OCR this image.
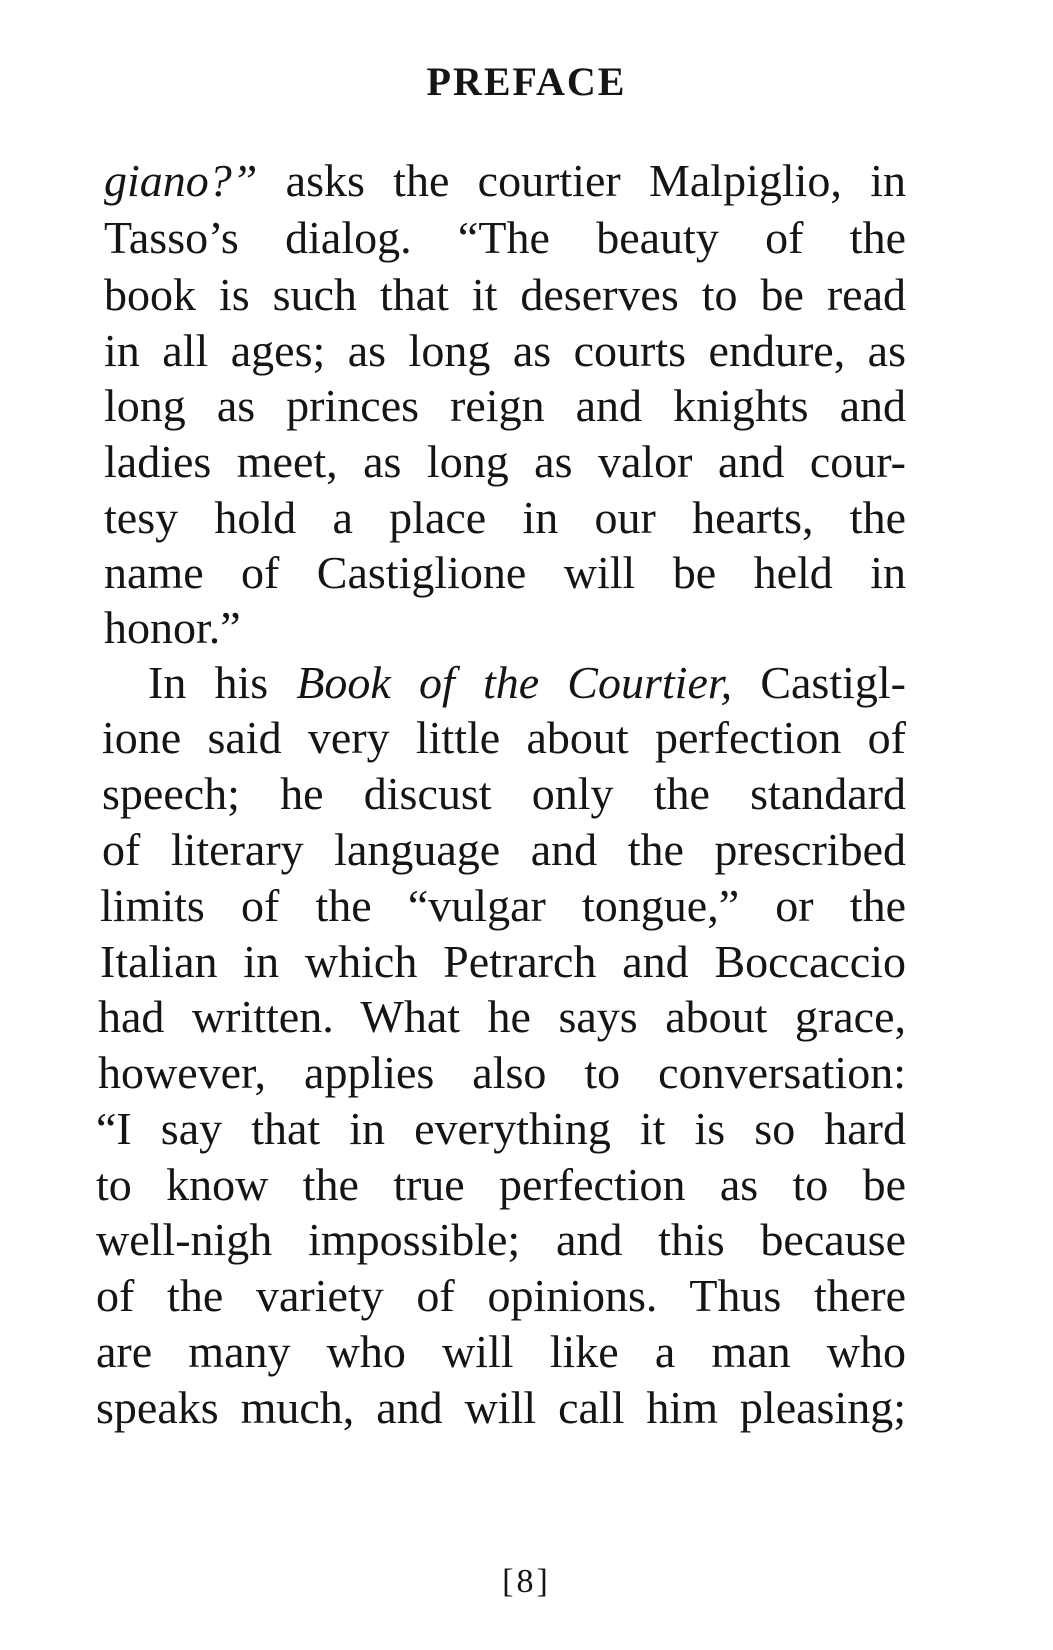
PREFACE
giano?” asks the courtier Malpiglio, in
Tasso’s dialog. “The beauty of the
book is such that it deserves to be read
in all ages; as long as courts endure, as
long as princes reign and knights and
ladies meet, as long as valor and cour-
tesy hold a place in our hearts, the
name of Castiglione will be held in
honor.”
In his Book of the Courtier, Castigl-
ione said very little about perfection of
speech; he discust only the standard
of literary language and the prescribed
limits of the “vulgar tongue,” or the
Italian in which Petrarch and Boccaccio
had written. What he says about grace,
however, applies also to conversation:
“I say that in everything it is so hard
to know the true perfection as to be
well-nigh impossible; and this because
of the variety of opinions. Thus there
are many who will like a man who
speaks much, and will call him pleasing;
[8]
